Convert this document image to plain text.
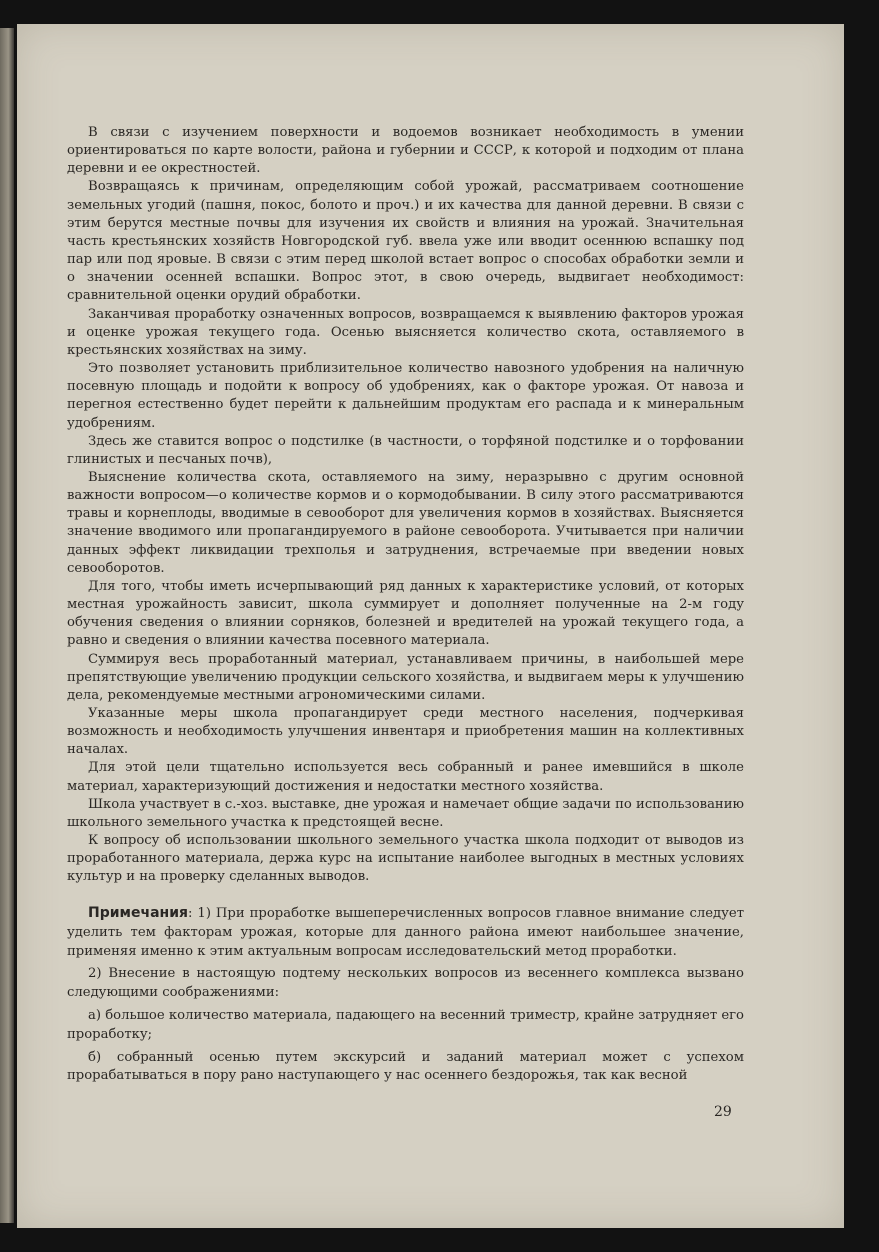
В связи с изучением поверхности и водоемов возникает необходимость в умении ориентироваться по карте волости, района и губернии и СССР, к которой и подходим от плана деревни и ее окрестностей.

Возвращаясь к причинам, определяющим собой урожай, рассматриваем соотношение земельных угодий (пашня, покос, болото и проч.) и их качества для данной деревни. В связи с этим берутся местные почвы для изучения их свойств и влияния на урожай. Значительная часть крестьянских хозяйств Новгородской губ. ввела уже или вводит осеннюю вспашку под пар или под яровые. В связи с этим перед школой встает вопрос о способах обработки земли и о значении осенней вспашки. Вопрос этот, в свою очередь, выдвигает необходимост: сравнительной оценки орудий обработки.

Заканчивая проработку означенных вопросов, возвращаемся к выявлению факторов урожая и оценке урожая текущего года. Осенью выясняется количество скота, оставляемого в крестьянских хозяйствах на зиму.

Это позволяет установить приблизительное количество навозного удобрения на наличную посевную площадь и подойти к вопросу об удобрениях, как о факторе урожая. От навоза и перегноя естественно будет перейти к дальнейшим продуктам его распада и к минеральным удобрениям.

Здесь же ставится вопрос о подстилке (в частности, о торфяной подстилке и о торфовании глинистых и песчаных почв),

Выяснение количества скота, оставляемого на зиму, неразрывно с другим основной важности вопросом—о количестве кормов и о кормодобывании. В силу этого рассматриваются травы и корнеплоды, вводимые в севооборот для увеличения кормов в хозяйствах. Выясняется значение вводимого или пропагандируемого в районе севооборота. Учитывается при наличии данных эффект ликвидации трехполья и затруднения, встречаемые при введении новых севооборотов.

Для того, чтобы иметь исчерпывающий ряд данных к характеристике условий, от которых местная урожайность зависит, школа суммирует и дополняет полученные на 2-м году обучения сведения о влиянии сорняков, болезней и вредителей на урожай текущего года, а равно и сведения о влиянии качества посевного материала.

Суммируя весь проработанный материал, устанавливаем причины, в наибольшей мере препятствующие увеличению продукции сельского хозяйства, и выдвигаем меры к улучшению дела, рекомендуемые местными агрономическими силами.

Указанные меры школа пропагандирует среди местного населения, подчеркивая возможность и необходимость улучшения инвентаря и приобретения машин на коллективных началах.

Для этой цели тщательно используется весь собранный и ранее имевшийся в школе материал, характеризующий достижения и недостатки местного хозяйства.

Школа участвует в с.-хоз. выставке, дне урожая и намечает общие задачи по использованию школьного земельного участка к предстоящей весне.

К вопросу об использовании школьного земельного участка школа подходит от выводов из проработанного материала, держа курс на испытание наиболее выгодных в местных условиях культур и на проверку сделанных выводов.

Примечания: 1) При проработке вышеперечисленных вопросов главное внимание следует уделить тем факторам урожая, которые для данного района имеют наибольшее значение, применяя именно к этим актуальным вопросам исследовательский метод проработки.

2) Внесение в настоящую подтему нескольких вопросов из весеннего комплекса вызвано следующими соображениями:

а) большое количество материала, падающего на весенний триместр, крайне затрудняет его проработку;

б) собранный осенью путем экскурсий и заданий материал может с успехом прорабатываться в пору рано наступающего у нас осеннего бездорожья, так как весной

29
